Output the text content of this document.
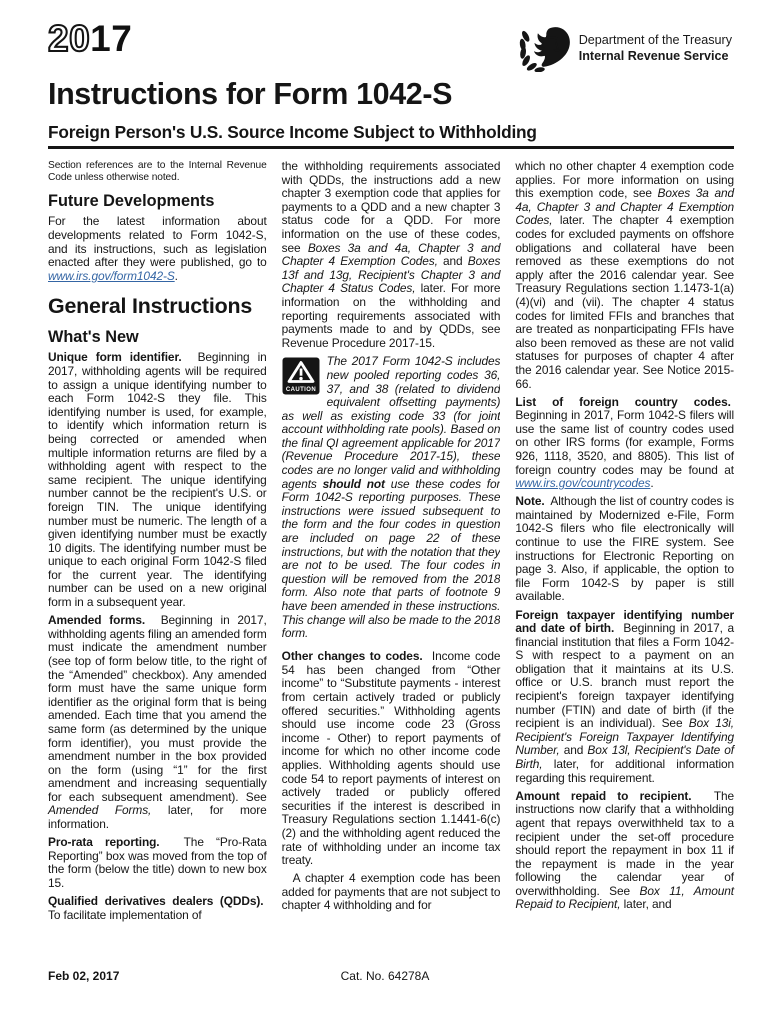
2017	Department of the Treasury
Internal Revenue Service
Instructions for Form 1042-S
Foreign Person's U.S. Source Income Subject to Withholding

Section references are to the Internal Revenue Code unless otherwise noted.

Future Developments

For the latest information about developments related to Form 1042-S, and its instructions, such as legislation enacted after they were published, go to www.irs.gov/form1042-S.

General Instructions
What's New

Unique form identifier.  Beginning in 2017, withholding agents will be required to assign a unique identifying number to each Form 1042-S they file. This identifying number is used, for example, to identify which information return is being corrected or amended when multiple information returns are filed by a withholding agent with respect to the same recipient. The unique identifying number cannot be the recipient's U.S. or foreign TIN. The unique identifying number must be numeric. The length of a given identifying number must be exactly 10 digits. The identifying number must be unique to each original Form 1042-S filed for the current year. The identifying number can be used on a new original form in a subsequent year.

Amended forms.  Beginning in 2017, withholding agents filing an amended form must indicate the amendment number (see top of form below title, to the right of the “Amended” checkbox). Any amended form must have the same unique form identifier as the original form that is being amended. Each time that you amend the same form (as determined by the unique form identifier), you must provide the amendment number in the box provided on the form (using “1” for the first amendment and increasing sequentially for each subsequent amendment). See Amended Forms, later, for more information.

Pro-rata reporting.  The “Pro-Rata Reporting” box was moved from the top of the form (below the title) down to new box 15.

Qualified derivatives dealers (QDDs).  To facilitate implementation of

the withholding requirements associated with QDDs, the instructions add a new chapter 3 exemption code that applies for payments to a QDD and a new chapter 3 status code for a QDD. For more information on the use of these codes, see Boxes 3a and 4a, Chapter 3 and Chapter 4 Exemption Codes, and Boxes 13f and 13g, Recipient's Chapter 3 and Chapter 4 Status Codes, later. For more information on the withholding and reporting requirements associated with payments made to and by QDDs, see Revenue Procedure 2017-15.

CAUTION

The 2017 Form 1042-S includes new pooled reporting codes 36, 37, and 38 (related to dividend equivalent offsetting payments) as well as existing code 33 (for joint account withholding rate pools). Based on the final QI agreement applicable for 2017 (Revenue Procedure 2017-15), these codes are no longer valid and withholding agents should not use these codes for Form 1042-S reporting purposes. These instructions were issued subsequent to the form and the four codes in question are included on page 22 of these instructions, but with the notation that they are not to be used. The four codes in question will be removed from the 2018 form. Also note that parts of footnote 9 have been amended in these instructions. This change will also be made to the 2018 form.

Other changes to codes.  Income code 54 has been changed from “Other income” to “Substitute payments - interest from certain actively traded or publicly offered securities.” Withholding agents should use income code 23 (Gross income - Other) to report payments of income for which no other income code applies. Withholding agents should use code 54 to report payments of interest on actively traded or publicly offered securities if the interest is described in Treasury Regulations section 1.1441-6(c)(2) and the withholding agent reduced the rate of withholding under an income tax treaty.

A chapter 4 exemption code has been added for payments that are not subject to chapter 4 withholding and for

which no other chapter 4 exemption code applies. For more information on using this exemption code, see Boxes 3a and 4a, Chapter 3 and Chapter 4 Exemption Codes, later. The chapter 4 exemption codes for excluded payments on offshore obligations and collateral have been removed as these exemptions do not apply after the 2016 calendar year. See Treasury Regulations section 1.1473-1(a)(4)(vi) and (vii). The chapter 4 status codes for limited FFIs and branches that are treated as nonparticipating FFIs have also been removed as these are not valid statuses for purposes of chapter 4 after the 2016 calendar year. See Notice 2015-66.

List of foreign country codes.  Beginning in 2017, Form 1042-S filers will use the same list of country codes used on other IRS forms (for example, Forms 926, 1118, 3520, and 8805). This list of foreign country codes may be found at www.irs.gov/countrycodes.

Note.  Although the list of country codes is maintained by Modernized e-File, Form 1042-S filers who file electronically will continue to use the FIRE system. See instructions for Electronic Reporting on page 3. Also, if applicable, the option to file Form 1042-S by paper is still available.

Foreign taxpayer identifying number and date of birth.  Beginning in 2017, a financial institution that files a Form 1042-S with respect to a payment on an obligation that it maintains at its U.S. office or U.S. branch must report the recipient's foreign taxpayer identifying number (FTIN) and date of birth (if the recipient is an individual). See Box 13i, Recipient's Foreign Taxpayer Identifying Number, and Box 13l, Recipient's Date of Birth, later, for additional information regarding this requirement.

Amount repaid to recipient.  The instructions now clarify that a withholding agent that repays overwithheld tax to a recipient under the set-off procedure should report the repayment in box 11 if the repayment is made in the year following the calendar year of overwithholding. See Box 11, Amount Repaid to Recipient, later, and

Feb 02, 2017	Cat. No. 64278A
